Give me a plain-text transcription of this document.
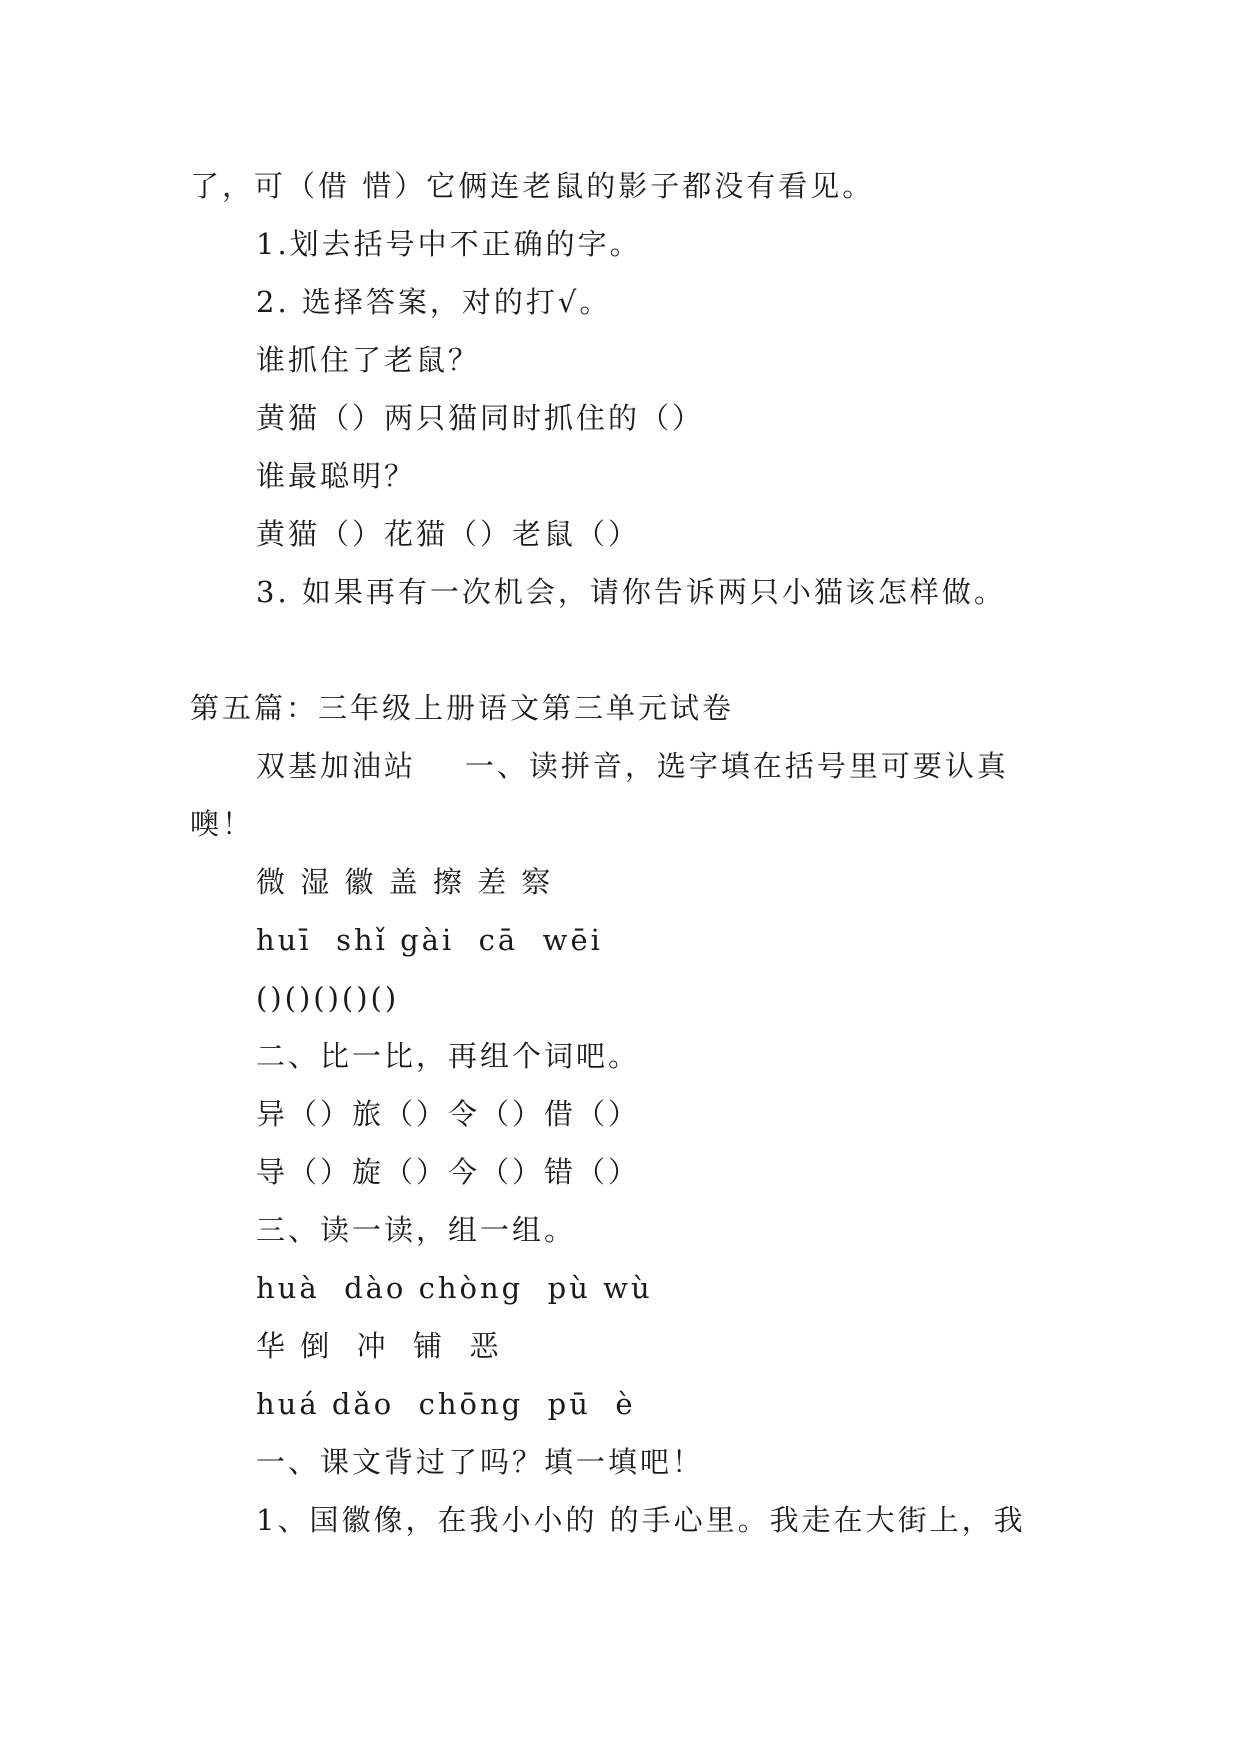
了，可（借 惜）它俩连老鼠的影子都没有看见。
1.划去括号中不正确的字。
2. 选择答案，对的打√。
谁抓住了老鼠？
黄猫（）两只猫同时抓住的（）
谁最聪明？
黄猫（）花猫（）老鼠（）
3. 如果再有一次机会，请你告诉两只小猫该怎样做。
第五篇：三年级上册语文第三单元试卷
双基加油站    一、读拼音，选字填在括号里可要认真
噢！
微 湿 徽 盖 擦 差 察
huī  shǐ gài  cā  wēi
()()()()()
二、比一比，再组个词吧。
异（）旅（）令（）借（）
导（）旋（）今（）错（）
三、读一读，组一组。
huà  dào chòng  pù wù
华 倒  冲  铺  恶
huá dǎo  chōng  pū  è
一、课文背过了吗？填一填吧！
1、国徽像，在我小小的 的手心里。我走在大街上，我
